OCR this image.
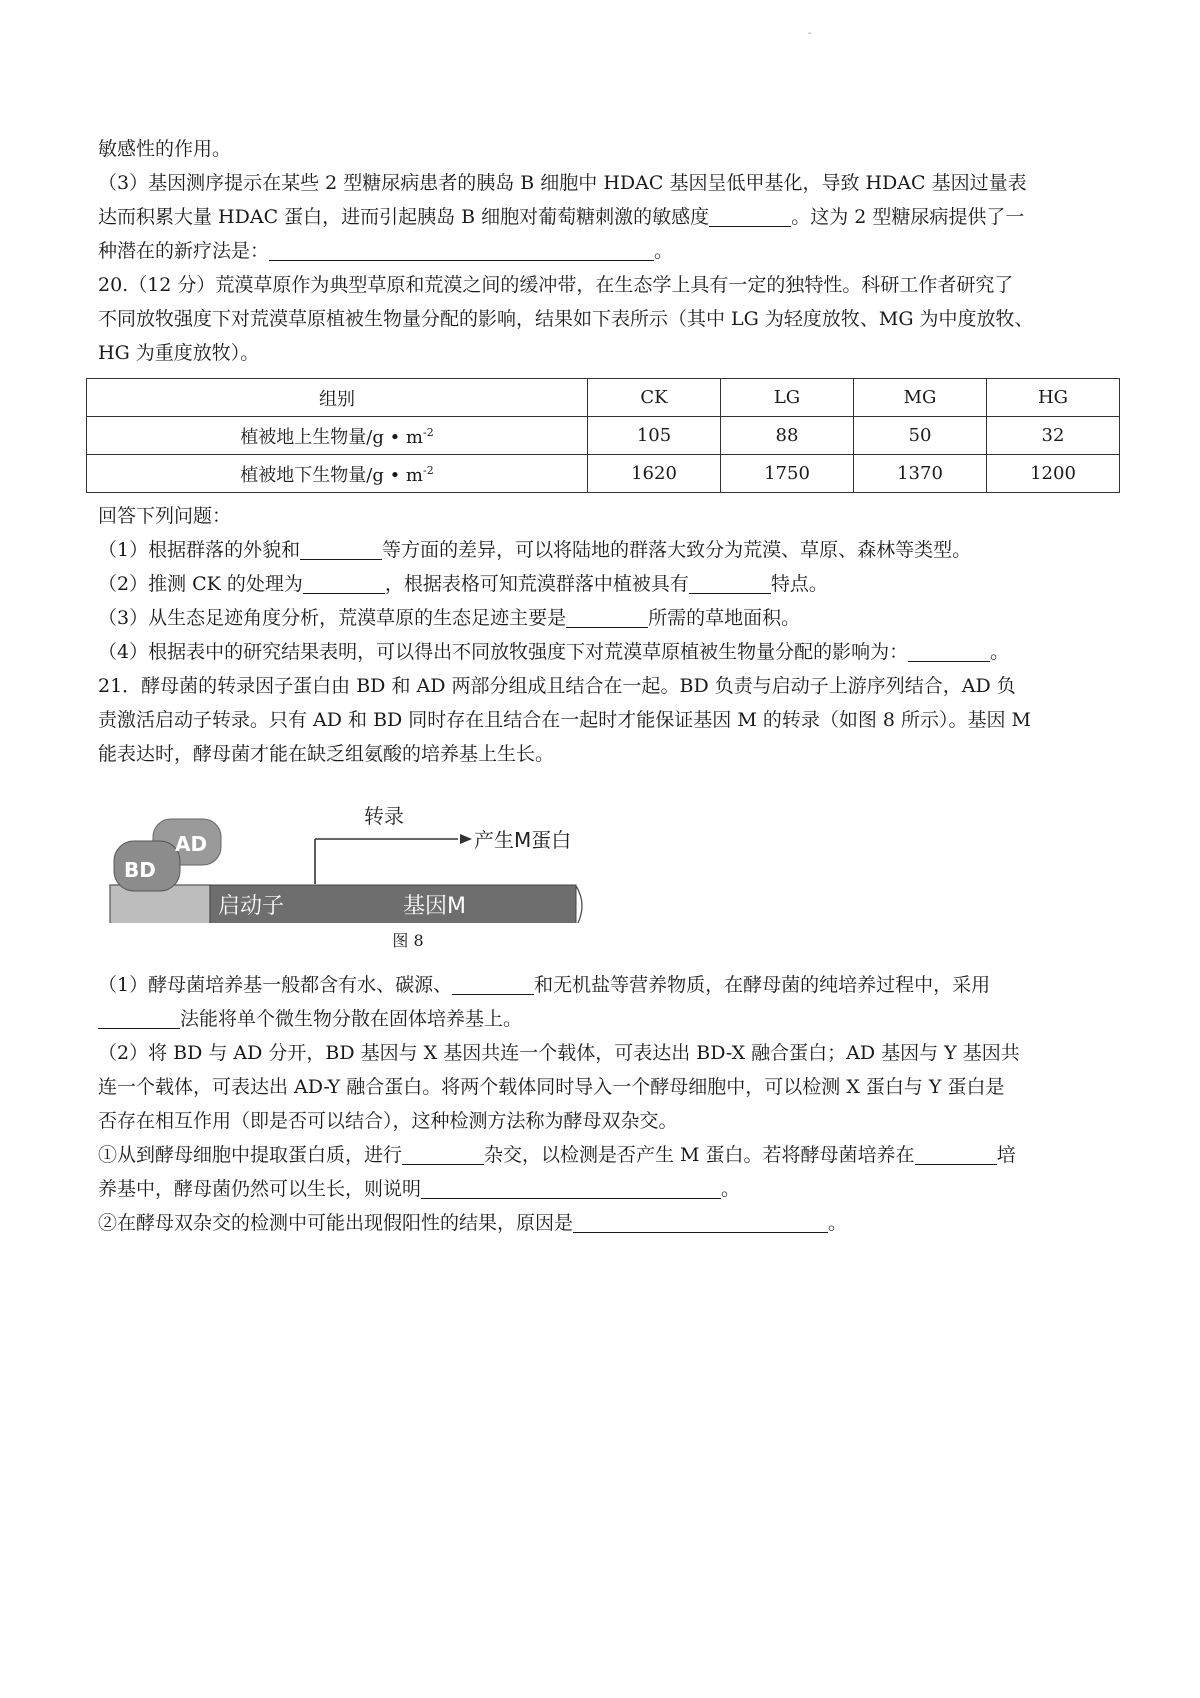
-

敏感性的作用。

（3）基因测序提示在某些 2 型糖尿病患者的胰岛 B 细胞中 HDAC 基因呈低甲基化，导致 HDAC 基因过量表

达而积累大量 HDAC 蛋白，进而引起胰岛 B 细胞对葡萄糖刺激的敏感度	。这为 2 型糖尿病提供了一

种潜在的新疗法是：	。

20.（12 分）荒漠草原作为典型草原和荒漠之间的缓冲带，在生态学上具有一定的独特性。科研工作者研究了

不同放牧强度下对荒漠草原植被生物量分配的影响，结果如下表所示（其中 LG 为轻度放牧、MG 为中度放牧、

HG 为重度放牧）。

组别	CK	LG	MG	HG
植被地上生物量/g • $m^{-2}$	105	88	50	32
植被地下生物量/g • $m^{-2}$	1620	1750	1370	1200

回答下列问题：

（1）根据群落的外貌和	等方面的差异，可以将陆地的群落大致分为荒漠、草原、森林等类型。

（2）推测 CK 的处理为	，根据表格可知荒漠群落中植被具有	特点。

（3）从生态足迹角度分析，荒漠草原的生态足迹主要是	所需的草地面积。

（4）根据表中的研究结果表明，可以得出不同放牧强度下对荒漠草原植被生物量分配的影响为：	。

21．酵母菌的转录因子蛋白由 BD 和 AD 两部分组成且结合在一起。BD 负责与启动子上游序列结合，AD 负

责激活启动子转录。只有 AD 和 BD 同时存在且结合在一起时才能保证基因 M 的转录（如图 8 所示）。基因 M

能表达时，酵母菌才能在缺乏组氨酸的培养基上生长。

AD
BD
启动子	基因M
转录
产生M蛋白
图 8

（1）酵母菌培养基一般都含有水、碳源、	和无机盐等营养物质，在酵母菌的纯培养过程中，采用

法能将单个微生物分散在固体培养基上。

（2）将 BD 与 AD 分开，BD 基因与 X 基因共连一个载体，可表达出 BD-X 融合蛋白；AD 基因与 Y 基因共

连一个载体，可表达出 AD-Y 融合蛋白。将两个载体同时导入一个酵母细胞中，可以检测 X 蛋白与 Y 蛋白是

否存在相互作用（即是否可以结合），这种检测方法称为酵母双杂交。

①从到酵母细胞中提取蛋白质，进行	杂交，以检测是否产生 M 蛋白。若将酵母菌培养在	培

养基中，酵母菌仍然可以生长，则说明	。

②在酵母双杂交的检测中可能出现假阳性的结果，原因是	。
